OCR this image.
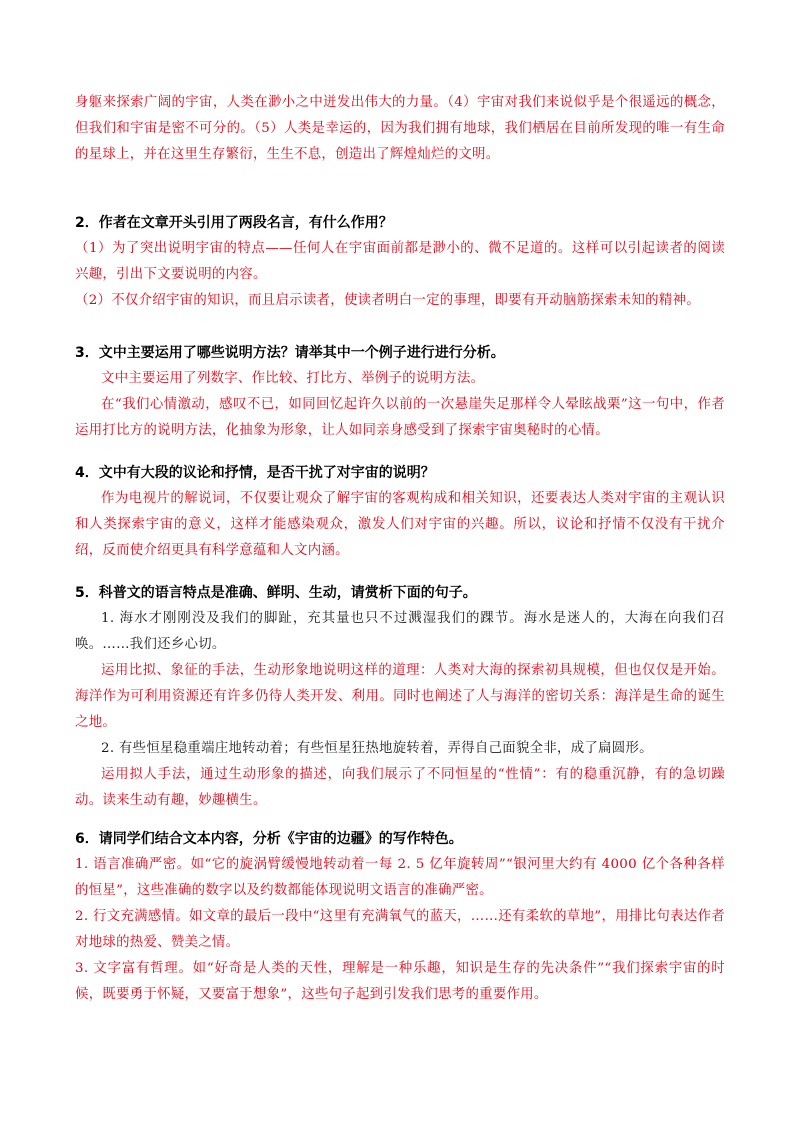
身躯来探索广阔的宇宙，人类在渺小之中迸发出伟大的力量。（4）宇宙对我们来说似乎是个很遥远的概念，但我们和宇宙是密不可分的。（5）人类是幸运的，因为我们拥有地球，我们栖居在目前所发现的唯一有生命的星球上，并在这里生存繁衍，生生不息，创造出了辉煌灿烂的文明。

2．作者在文章开头引用了两段名言，有什么作用？

（1）为了突出说明宇宙的特点——任何人在宇宙面前都是渺小的、微不足道的。这样可以引起读者的阅读兴趣，引出下文要说明的内容。

（2）不仅介绍宇宙的知识，而且启示读者，使读者明白一定的事理，即要有开动脑筋探索未知的精神。

3．文中主要运用了哪些说明方法？请举其中一个例子进行进行分析。

文中主要运用了列数字、作比较、打比方、举例子的说明方法。

在“我们心情激动，感叹不已，如同回忆起许久以前的一次悬崖失足那样令人晕眩战栗”这一句中，作者运用打比方的说明方法，化抽象为形象，让人如同亲身感受到了探索宇宙奥秘时的心情。

4．文中有大段的议论和抒情，是否干扰了对宇宙的说明？

作为电视片的解说词，不仅要让观众了解宇宙的客观构成和相关知识，还要表达人类对宇宙的主观认识和人类探索宇宙的意义，这样才能感染观众，激发人们对宇宙的兴趣。所以，议论和抒情不仅没有干扰介绍，反而使介绍更具有科学意蕴和人文内涵。

5．科普文的语言特点是准确、鲜明、生动，请赏析下面的句子。

1. 海水才刚刚没及我们的脚趾，充其量也只不过溅湿我们的踝节。海水是迷人的，大海在向我们召唤。……我们还乡心切。

运用比拟、象征的手法，生动形象地说明这样的道理：人类对大海的探索初具规模，但也仅仅是开始。海洋作为可利用资源还有许多仍待人类开发、利用。同时也阐述了人与海洋的密切关系：海洋是生命的诞生之地。

2. 有些恒星稳重端庄地转动着；有些恒星狂热地旋转着，弄得自己面貌全非，成了扁圆形。

运用拟人手法，通过生动形象的描述，向我们展示了不同恒星的“性情”：有的稳重沉静，有的急切躁动。读来生动有趣，妙趣横生。

6．请同学们结合文本内容，分析《宇宙的边疆》的写作特色。

1. 语言准确严密。如“它的旋涡臂缓慢地转动着一每 2. 5 亿年旋转周”“银河里大约有 4000 亿个各种各样的恒星”，这些准确的数字以及约数都能体现说明文语言的准确严密。

2. 行文充满感情。如文章的最后一段中“这里有充满氧气的蓝天，……还有柔软的草地”，用排比句表达作者对地球的热爱、赞美之情。

3. 文字富有哲理。如“好奇是人类的天性，理解是一种乐趣，知识是生存的先决条件”“我们探索宇宙的时候，既要勇于怀疑，又要富于想象”，这些句子起到引发我们思考的重要作用。
